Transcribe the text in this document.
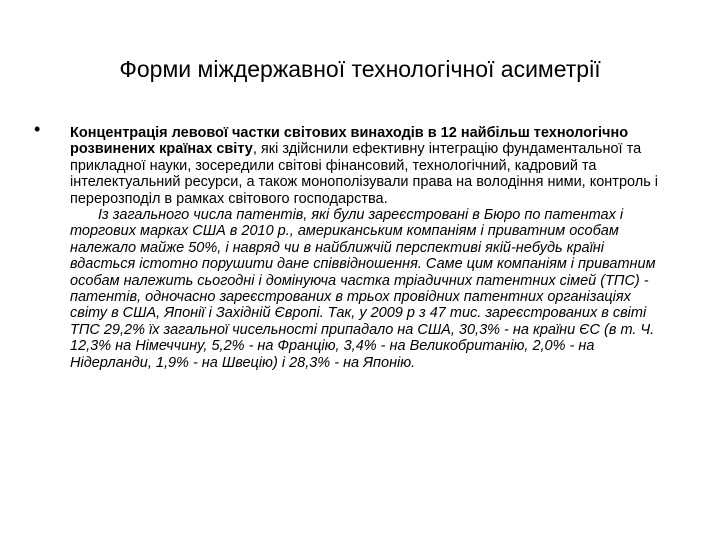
Форми міждержавної технологічної асиметрії
• Концентрація левової частки світових винаходів в 12 найбільш технологічно розвинених країнах світу, які здійснили ефективну інтеграцію фундаментальної та прикладної науки, зосередили світові фінансовий, технологічний, кадровий та інтелектуальний ресурси, а також монополізували права на володіння ними, контроль і перерозподіл в рамках світового господарства.

Із загального числа патентів, які були зареєстровані в Бюро по патентах і торгових марках США в 2010 р., американським компаніям і приватним особам належало майже 50%, і навряд чи в найближчій перспективі якій-небудь країні вдасться істотно порушити дане співвідношення. Саме цим компаніям і приватним особам належить сьогодні і домінуюча частка тріадичних патентних сімей (ТПС) - патентів, одночасно зареєстрованих в трьох провідних патентних організаціях світу в США, Японії і Західній Європі. Так, у 2009 р з 47 тис. зареєстрованих в світі ТПС 29,2% їх загальної чисельності припадало на США, 30,3% - на країни ЄС (в т. Ч. 12,3% на Німеччину, 5,2% - на Францію, 3,4% - на Великобританію, 2,0% - на Нідерланди, 1,9% - на Швецію) і 28,3% - на Японію.
